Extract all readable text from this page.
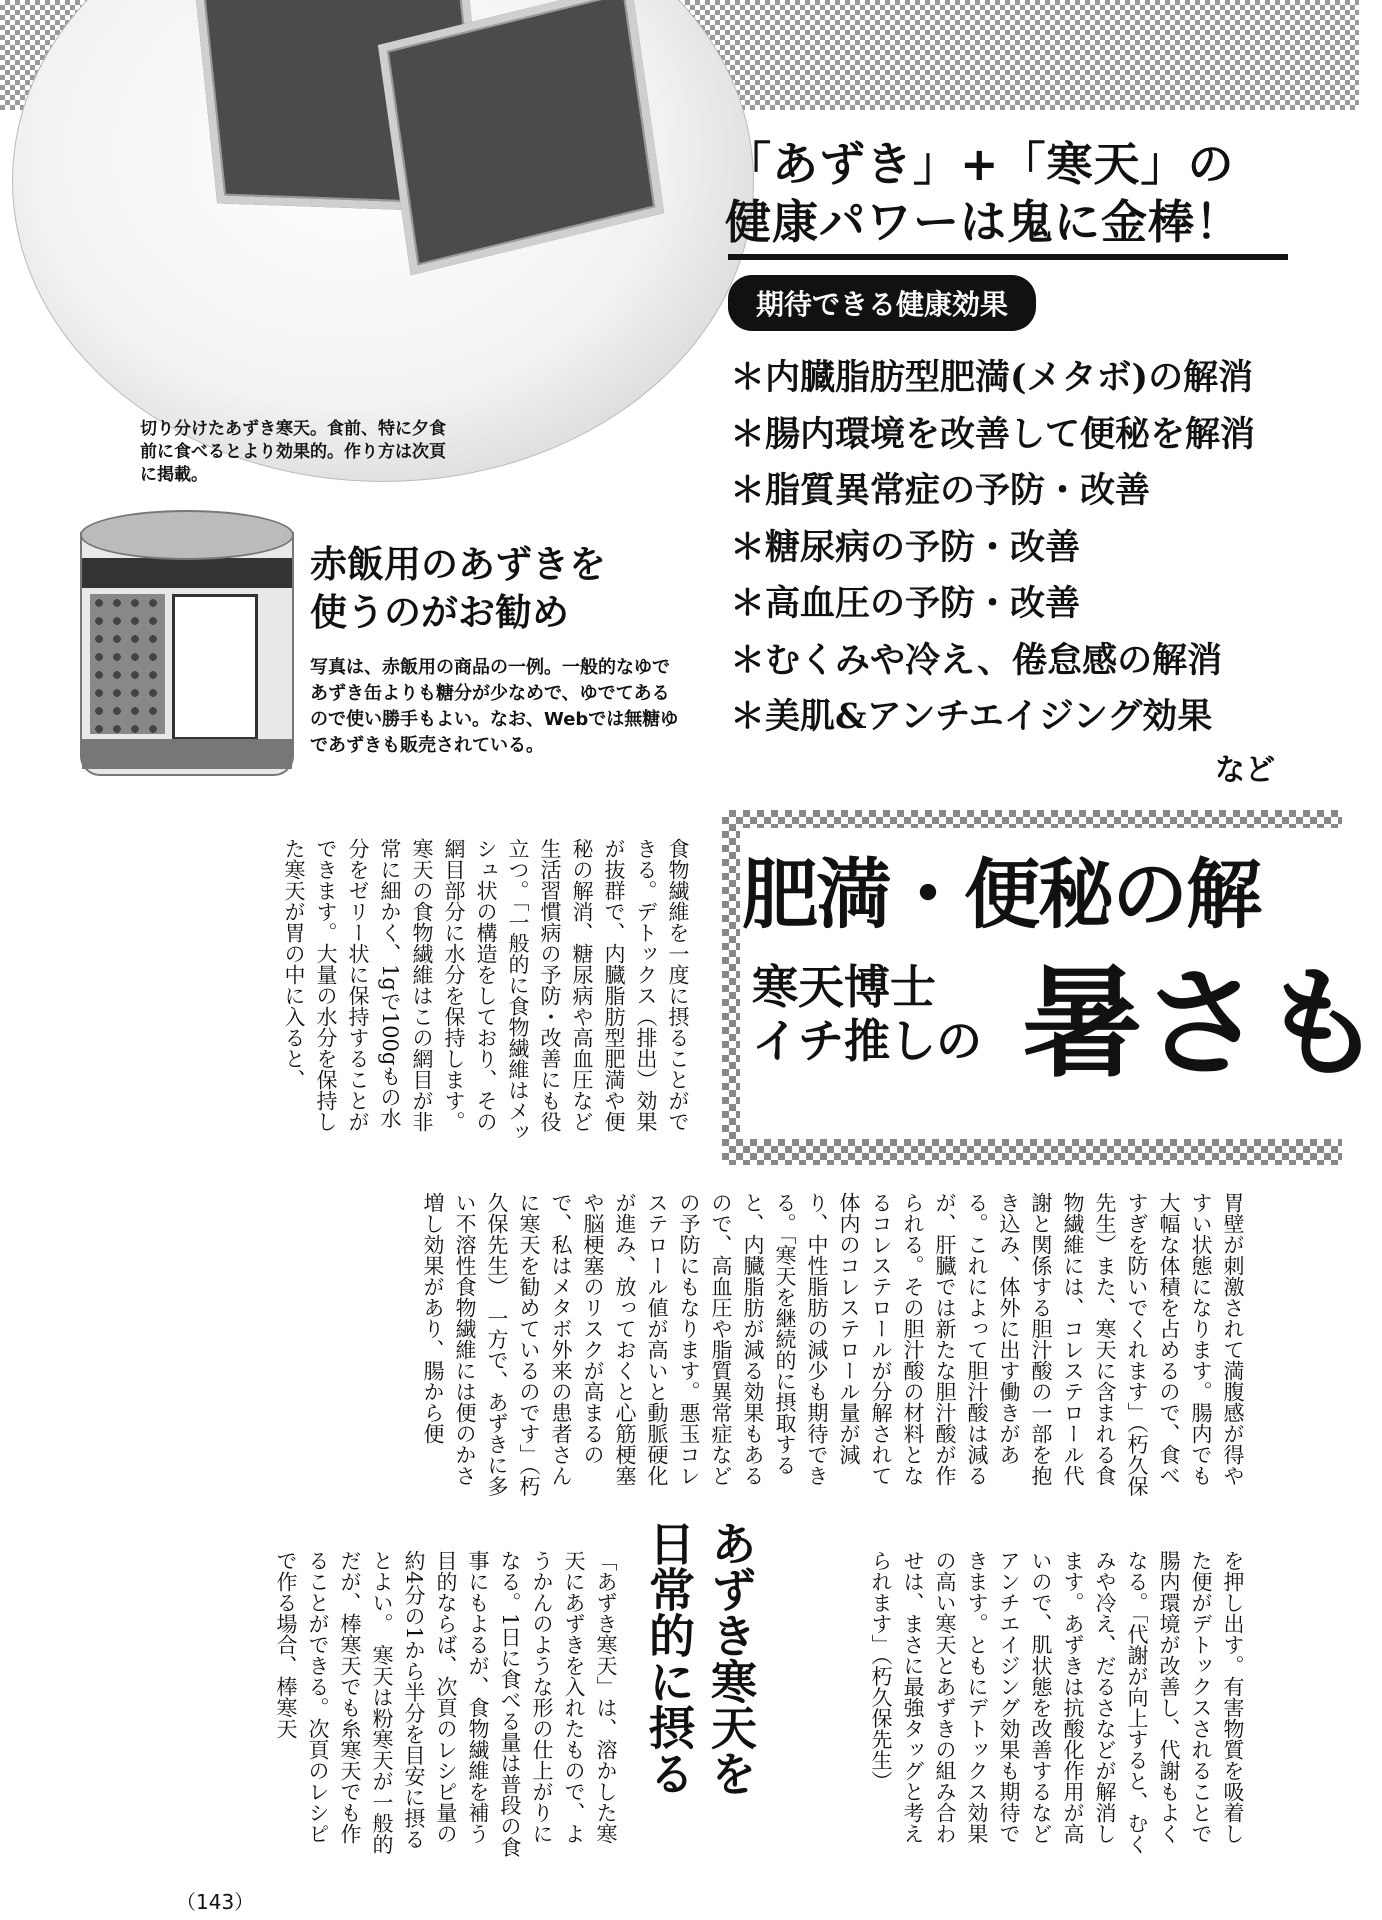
切り分けたあずき寒天。食前、特に夕食前に食べるとより効果的。作り方は次頁に掲載。
「あずき」+「寒天」の
健康パワーは鬼に金棒！
期待できる健康効果
＊内臓脂肪型肥満(メタボ)の解消
＊腸内環境を改善して便秘を解消
＊脂質異常症の予防・改善
＊糖尿病の予防・改善
＊高血圧の予防・改善
＊むくみや冷え、倦怠感の解消
＊美肌&アンチエイジング効果
など
赤飯用のあずきを
使うのがお勧め
写真は、赤飯用の商品の一例。一般的なゆであずき缶よりも糖分が少なめで、ゆでてあるので使い勝手もよい。なお、Webでは無糖ゆであずきも販売されている。
肥満・便秘の解
寒天博士
イチ推しの 暑さも
食物繊維を一度に摂ることができる。デトックス（排出）効果が抜群で、内臓脂肪型肥満や便秘の解消、糖尿病や高血圧など生活習慣病の予防・改善にも役立つ。「一般的に食物繊維はメッシュ状の構造をしており、その網目部分に水分を保持します。寒天の食物繊維はこの網目が非常に細かく、1gで100gもの水分をゼリー状に保持することができます。大量の水分を保持した寒天が胃の中に入ると、
胃壁が刺激されて満腹感が得やすい状態になります。腸内でも大幅な体積を占めるので、食べすぎを防いでくれます」（朽久保先生）また、寒天に含まれる食物繊維には、コレステロール代謝と関係する胆汁酸の一部を抱き込み、体外に出す働きがある。これによって胆汁酸は減るが、肝臓では新たな胆汁酸が作られる。その胆汁酸の材料となるコレステロールが分解されて体内のコレステロール量が減り、中性脂肪の減少も期待できる。「寒天を継続的に摂取すると、内臓脂肪が減る効果もあるので、高血圧や脂質異常症などの予防にもなります。悪玉コレステロール値が高いと動脈硬化が進み、放っておくと心筋梗塞や脳梗塞のリスクが高まるので、私はメタボ外来の患者さんに寒天を勧めているのです」（朽久保先生）　一方で、あずきに多い不溶性食物繊維には便のかさ増し効果があり、腸から便
を押し出す。有害物質を吸着した便がデトックスされることで腸内環境が改善し、代謝もよくなる。「代謝が向上すると、むくみや冷え、だるさなどが解消します。あずきは抗酸化作用が高いので、肌状態を改善するなどアンチエイジング効果も期待できます。ともにデトックス効果の高い寒天とあずきの組み合わせは、まさに最強タッグと考えられます」（朽久保先生）
あずき寒天を
日常的に摂る
「あずき寒天」は、溶かした寒天にあずきを入れたもので、ようかんのような形の仕上がりになる。1日に食べる量は普段の食事にもよるが、食物繊維を補う目的ならば、次頁のレシピ量の約4分の1から半分を目安に摂るとよい。　寒天は粉寒天が一般的だが、棒寒天でも糸寒天でも作ることができる。次頁のレシピで作る場合、棒寒天
（143）
